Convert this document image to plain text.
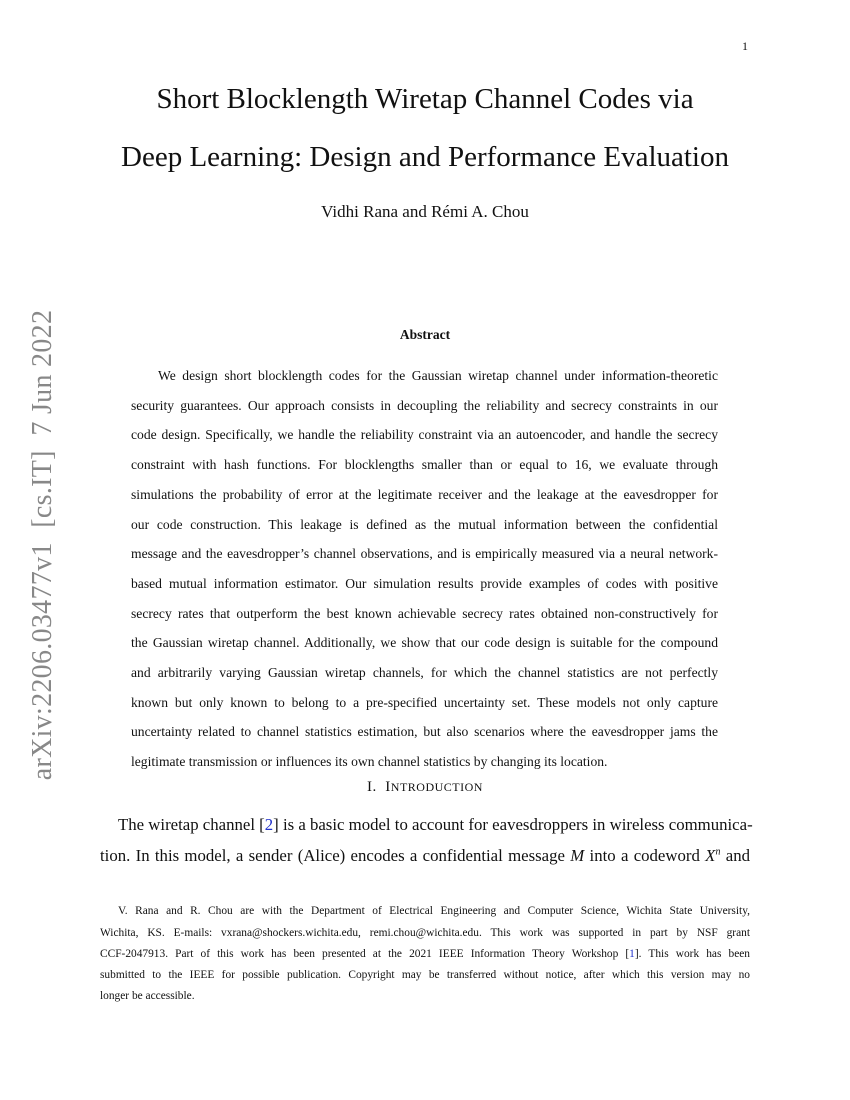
1
Short Blocklength Wiretap Channel Codes via
Deep Learning: Design and Performance Evaluation
Vidhi Rana and Rémi A. Chou
arXiv:2206.03477v1  [cs.IT]  7 Jun 2022	Abstract
We design short blocklength codes for the Gaussian wiretap channel under information-theoretic
security guarantees. Our approach consists in decoupling the reliability and secrecy constraints in our
code design. Specifically, we handle the reliability constraint via an autoencoder, and handle the secrecy
constraint with hash functions. For blocklengths smaller than or equal to 16, we evaluate through
simulations the probability of error at the legitimate receiver and the leakage at the eavesdropper for
our code construction. This leakage is defined as the mutual information between the confidential
message and the eavesdropper’s channel observations, and is empirically measured via a neural network-
based mutual information estimator. Our simulation results provide examples of codes with positive
secrecy rates that outperform the best known achievable secrecy rates obtained non-constructively for
the Gaussian wiretap channel. Additionally, we show that our code design is suitable for the compound
and arbitrarily varying Gaussian wiretap channels, for which the channel statistics are not perfectly
known but only known to belong to a pre-specified uncertainty set. These models not only capture
uncertainty related to channel statistics estimation, but also scenarios where the eavesdropper jams the
legitimate transmission or influences its own channel statistics by changing its location.
I. INTRODUCTION
The wiretap channel [2] is a basic model to account for eavesdroppers in wireless communica-
tion. In this model, a sender (Alice) encodes a confidential message M into a codeword $X^n$ and
V. Rana and R. Chou are with the Department of Electrical Engineering and Computer Science, Wichita State University,
Wichita, KS. E-mails: vxrana@shockers.wichita.edu, remi.chou@wichita.edu. This work was supported in part by NSF grant
CCF-2047913. Part of this work has been presented at the 2021 IEEE Information Theory Workshop [1]. This work has been
submitted to the IEEE for possible publication. Copyright may be transferred without notice, after which this version may no
longer be accessible.
